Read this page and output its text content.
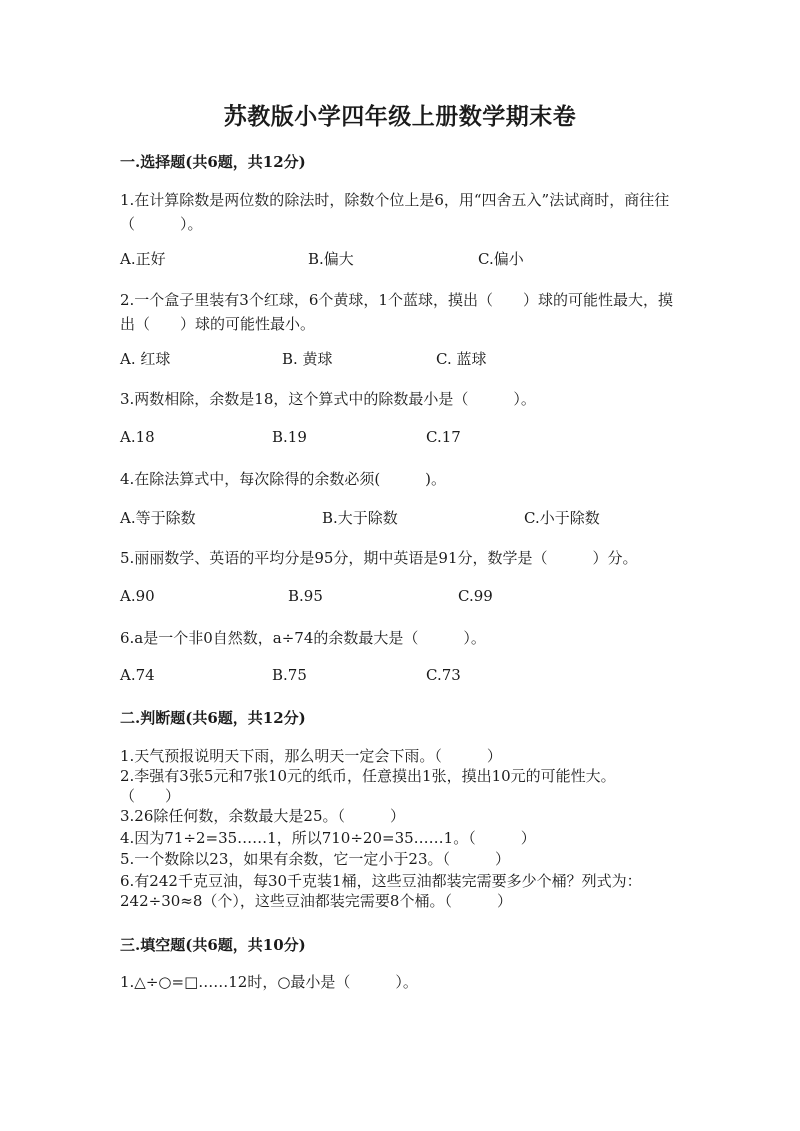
苏教版小学四年级上册数学期末卷
一.选择题(共6题，共12分)
1.在计算除数是两位数的除法时，除数个位上是6，用“四舍五入”法试商时，商往往（　　　）。
A.正好	B.偏大	C.偏小
2.一个盒子里装有3个红球，6个黄球，1个蓝球，摸出（　　）球的可能性最大，摸出（　　）球的可能性最小。
A. 红球	B. 黄球	C. 蓝球
3.两数相除，余数是18，这个算式中的除数最小是（　　　）。
A.18	B.19	C.17
4.在除法算式中，每次除得的余数必须(　　　)。
A.等于除数	B.大于除数	C.小于除数
5.丽丽数学、英语的平均分是95分，期中英语是91分，数学是（　　　）分。
A.90	B.95	C.99
6.a是一个非0自然数，a÷74的余数最大是（　　　）。
A.74	B.75	C.73
二.判断题(共6题，共12分)
1.天气预报说明天下雨，那么明天一定会下雨。（　　　）
2.李强有3张5元和7张10元的纸币，任意摸出1张，摸出10元的可能性大。　　（　　）
3.26除任何数，余数最大是25。（　　　）
4.因为71÷2=35……1，所以710÷20=35……1。（　　　）
5.一个数除以23，如果有余数，它一定小于23。（　　　）
6.有242千克豆油，每30千克装1桶，这些豆油都装完需要多少个桶？列式为：242÷30≈8（个），这些豆油都装完需要8个桶。（　　　）
三.填空题(共6题，共10分)
1.△÷○=□……12时，○最小是（　　　）。
